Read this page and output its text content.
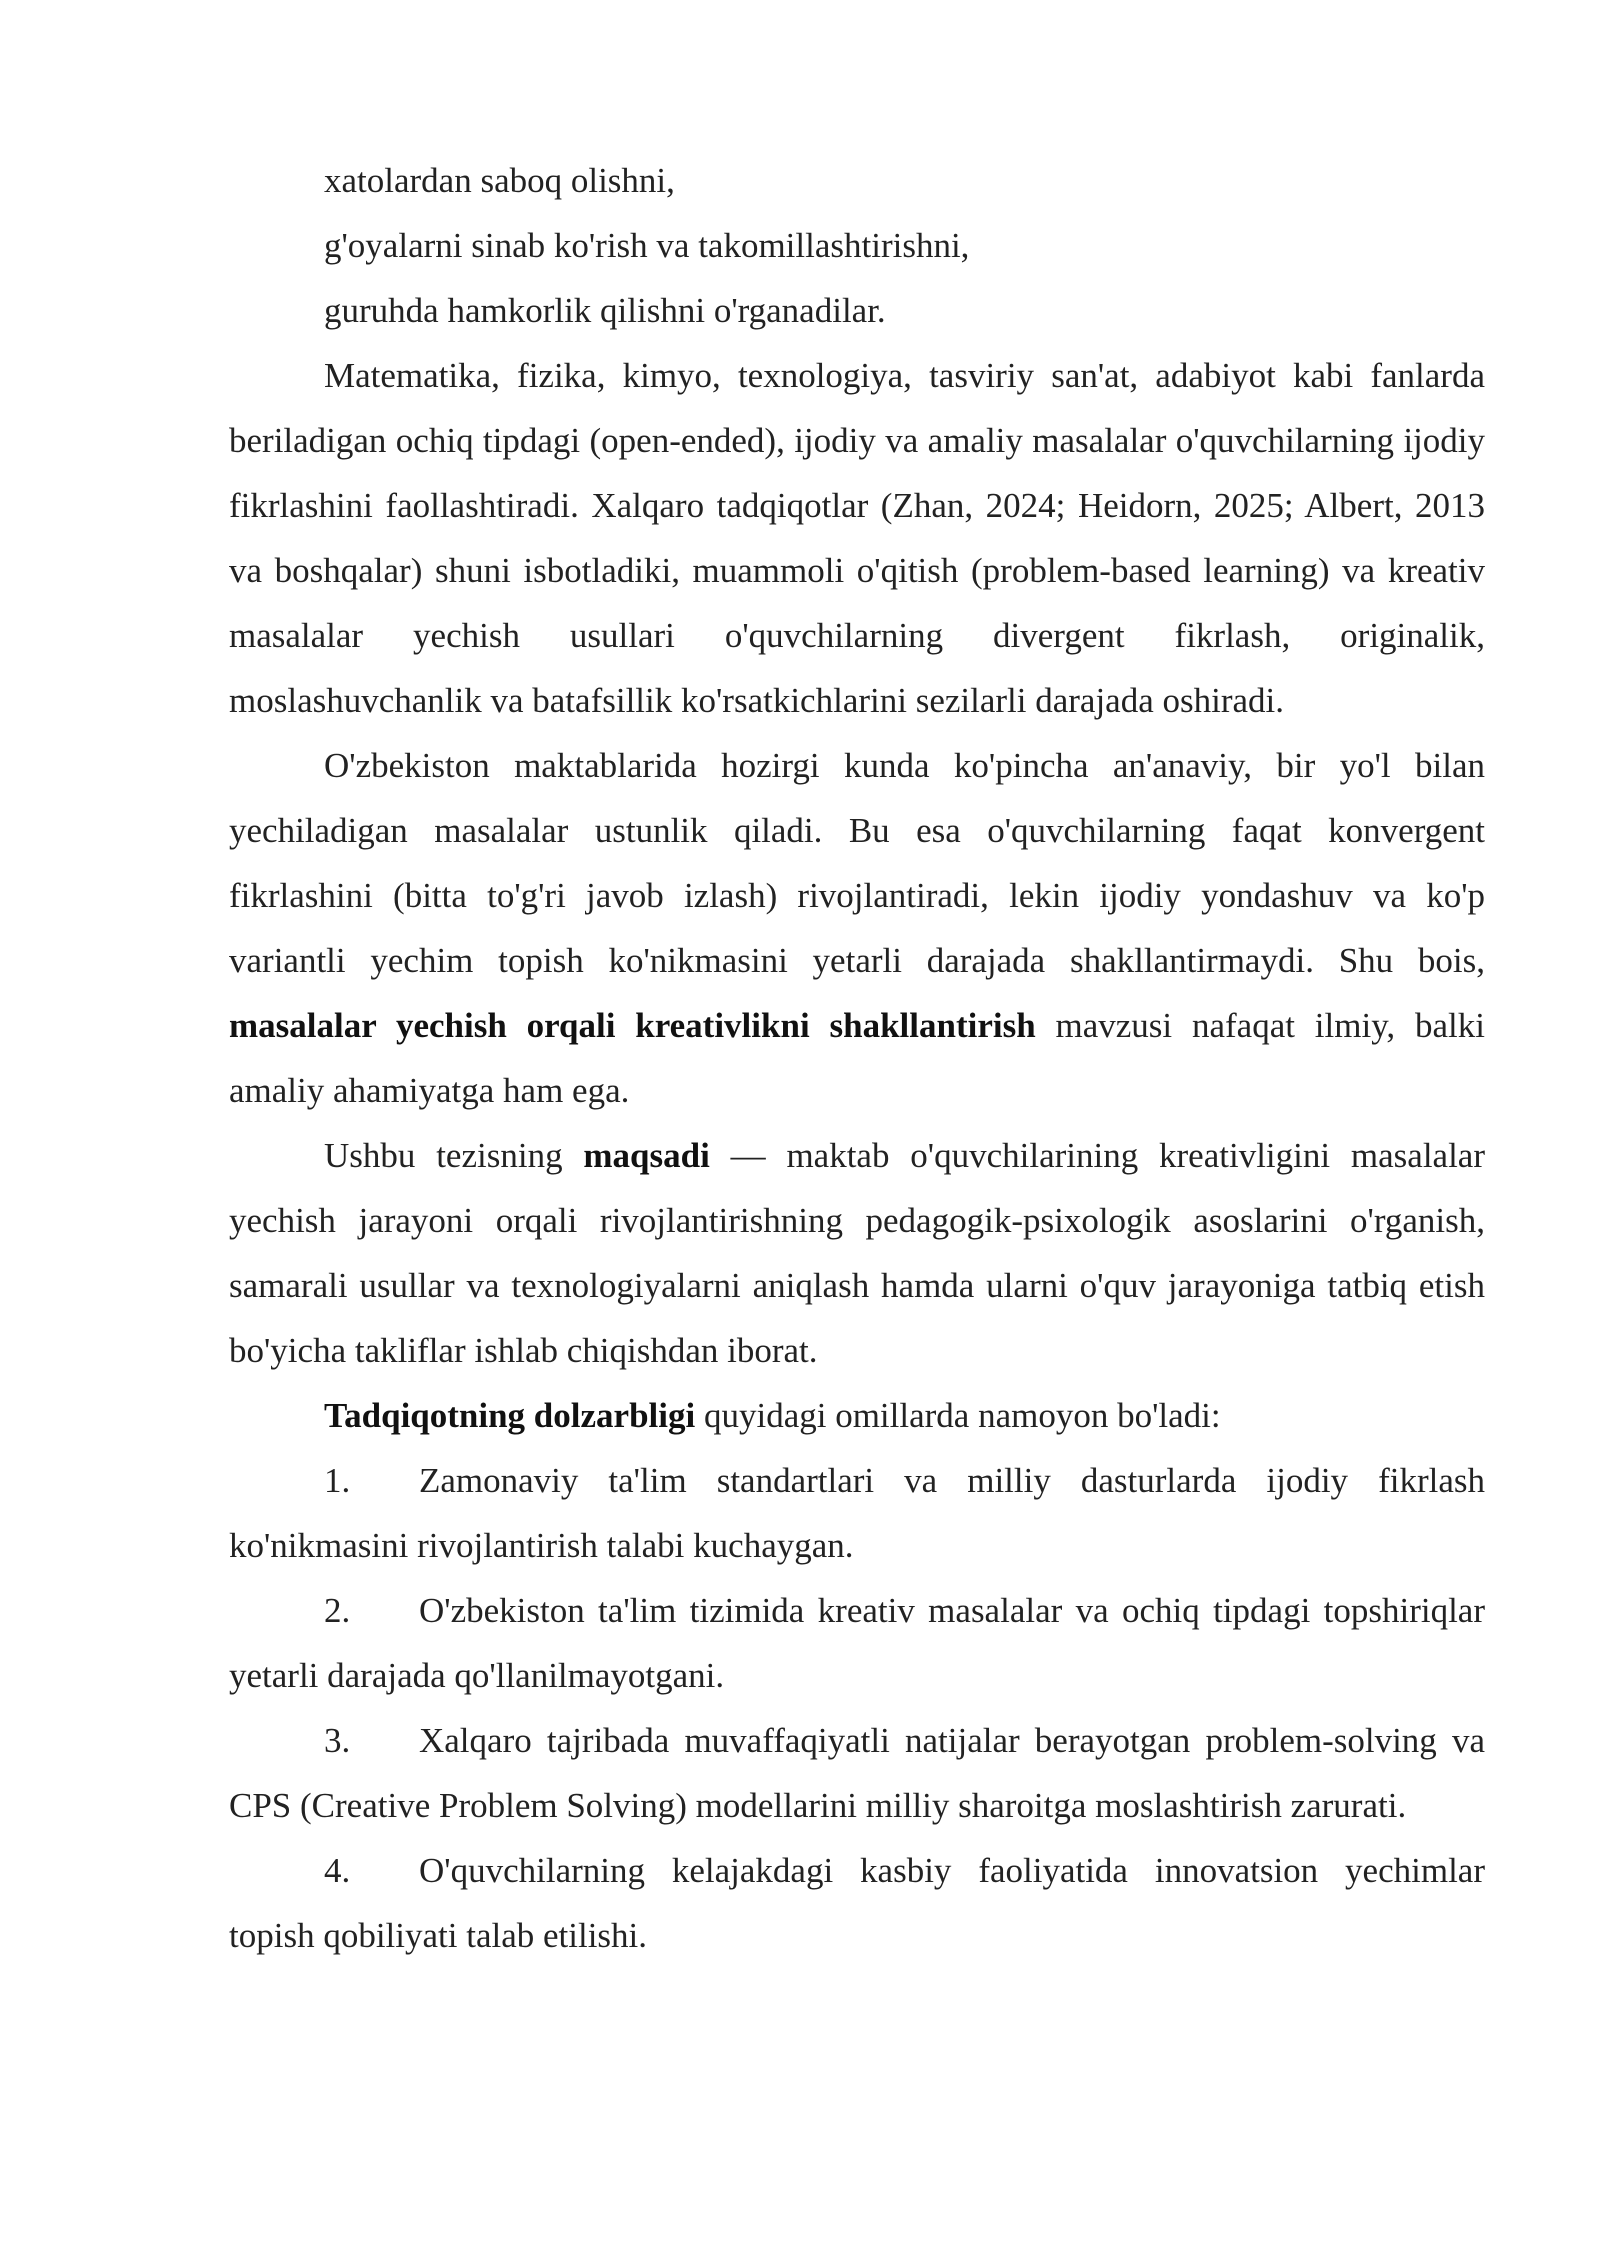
xatolardan saboq olishni,
g'oyalarni sinab ko'rish va takomillashtirishni,
guruhda hamkorlik qilishni o'rganadilar.

Matematika, fizika, kimyo, texnologiya, tasviriy san'at, adabiyot kabi fanlarda beriladigan ochiq tipdagi (open-ended), ijodiy va amaliy masalalar o'quvchilarning ijodiy fikrlashini faollashtiradi. Xalqaro tadqiqotlar (Zhan, 2024; Heidorn, 2025; Albert, 2013 va boshqalar) shuni isbotladiki, muammoli o'qitish (problem-based learning) va kreativ masalalar yechish usullari o'quvchilarning divergent fikrlash, originalik, moslashuvchanlik va batafsillik ko'rsatkichlarini sezilarli darajada oshiradi.

O'zbekiston maktablarida hozirgi kunda ko'pincha an'anaviy, bir yo'l bilan yechiladigan masalalar ustunlik qiladi. Bu esa o'quvchilarning faqat konvergent fikrlashini (bitta to'g'ri javob izlash) rivojlantiradi, lekin ijodiy yondashuv va ko'p variantli yechim topish ko'nikmasini yetarli darajada shakllantirmaydi. Shu bois, masalalar yechish orqali kreativlikni shakllantirish mavzusi nafaqat ilmiy, balki amaliy ahamiyatga ham ega.

Ushbu tezisning maqsadi — maktab o'quvchilarining kreativligini masalalar yechish jarayoni orqali rivojlantirishning pedagogik-psixologik asoslarini o'rganish, samarali usullar va texnologiyalarni aniqlash hamda ularni o'quv jarayoniga tatbiq etish bo'yicha takliflar ishlab chiqishdan iborat.

Tadqiqotning dolzarbligi quyidagi omillarda namoyon bo'ladi:

1. Zamonaviy ta'lim standartlari va milliy dasturlarda ijodiy fikrlash ko'nikmasini rivojlantirish talabi kuchaygan.

2. O'zbekiston ta'lim tizimida kreativ masalalar va ochiq tipdagi topshiriqlar yetarli darajada qo'llanilmayotgani.

3. Xalqaro tajribada muvaffaqiyatli natijalar berayotgan problem-solving va CPS (Creative Problem Solving) modellarini milliy sharoitga moslashtirish zarurati.

4. O'quvchilarning kelajakdagi kasbiy faoliyatida innovatsion yechimlar topish qobiliyati talab etilishi.
